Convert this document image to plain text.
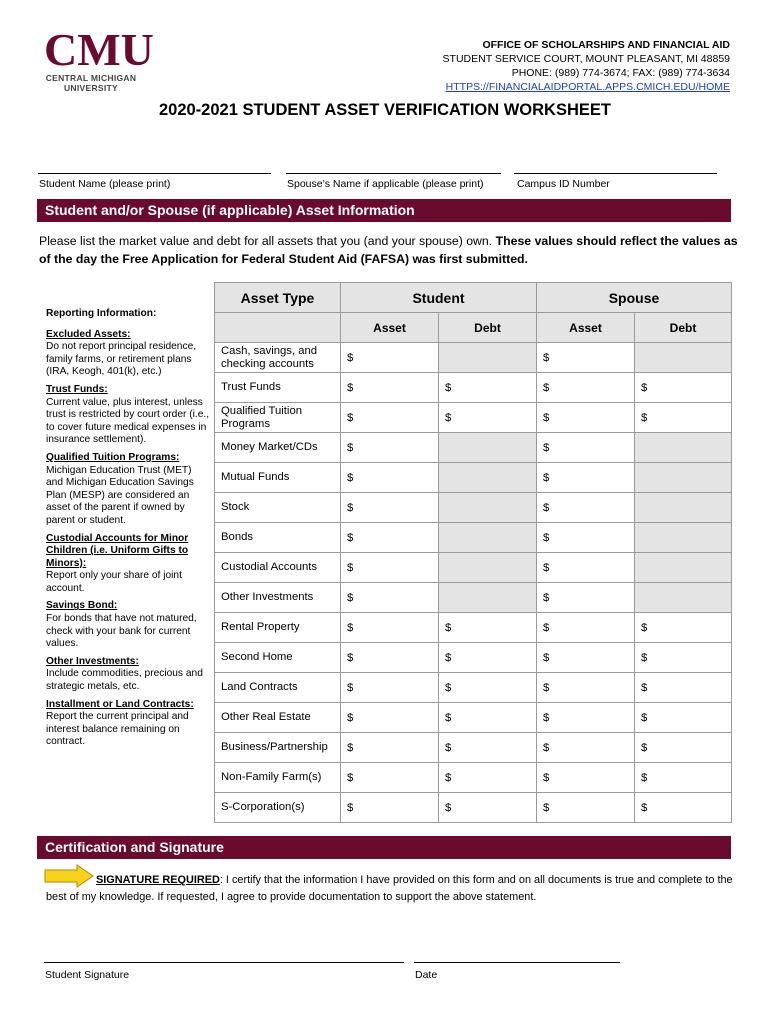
CMU
CENTRAL MICHIGAN
UNIVERSITY
OFFICE OF SCHOLARSHIPS AND FINANCIAL AID
STUDENT SERVICE COURT, MOUNT PLEASANT, MI 48859
PHONE: (989) 774-3674; FAX: (989) 774-3634
HTTPS://FINANCIALAIDPORTAL.APPS.CMICH.EDU/HOME
2020-2021 STUDENT ASSET VERIFICATION WORKSHEET
Student Name (please print)	Spouse’s Name if applicable (please print)	Campus ID Number
Student and/or Spouse (if applicable) Asset Information
Please list the market value and debt for all assets that you (and your spouse) own. These values should reflect the values as of the day the Free Application for Federal Student Aid (FAFSA) was first submitted.
Reporting Information:
Excluded Assets:
Do not report principal residence, family farms, or retirement plans (IRA, Keogh, 401(k), etc.)
Trust Funds:
Current value, plus interest, unless trust is restricted by court order (i.e., to cover future medical expenses in insurance settlement).
Qualified Tuition Programs:
Michigan Education Trust (MET) and Michigan Education Savings Plan (MESP) are considered an asset of the parent if owned by parent or student.
Custodial Accounts for Minor Children (i.e. Uniform Gifts to Minors):
Report only your share of joint account.
Savings Bond:
For bonds that have not matured, check with your bank for current values.
Other Investments:
Include commodities, precious and strategic metals, etc.
Installment or Land Contracts:
Report the current principal and interest balance remaining on contract.
Asset Type	Student		Spouse	
	Asset	Debt	Asset	Debt
Cash, savings, and checking accounts	$		$	
Trust Funds	$	$	$	$
Qualified Tuition Programs	$	$	$	$
Money Market/CDs	$		$	
Mutual Funds	$		$	
Stock	$		$	
Bonds	$		$	
Custodial Accounts	$		$	
Other Investments	$		$	
Rental Property	$	$	$	$
Second Home	$	$	$	$
Land Contracts	$	$	$	$
Other Real Estate	$	$	$	$
Business/Partnership	$	$	$	$
Non-Family Farm(s)	$	$	$	$
S-Corporation(s)	$	$	$	$
Certification and Signature
SIGNATURE REQUIRED: I certify that the information I have provided on this form and on all documents is true and complete to the best of my knowledge. If requested, I agree to provide documentation to support the above statement.
Student Signature	Date
